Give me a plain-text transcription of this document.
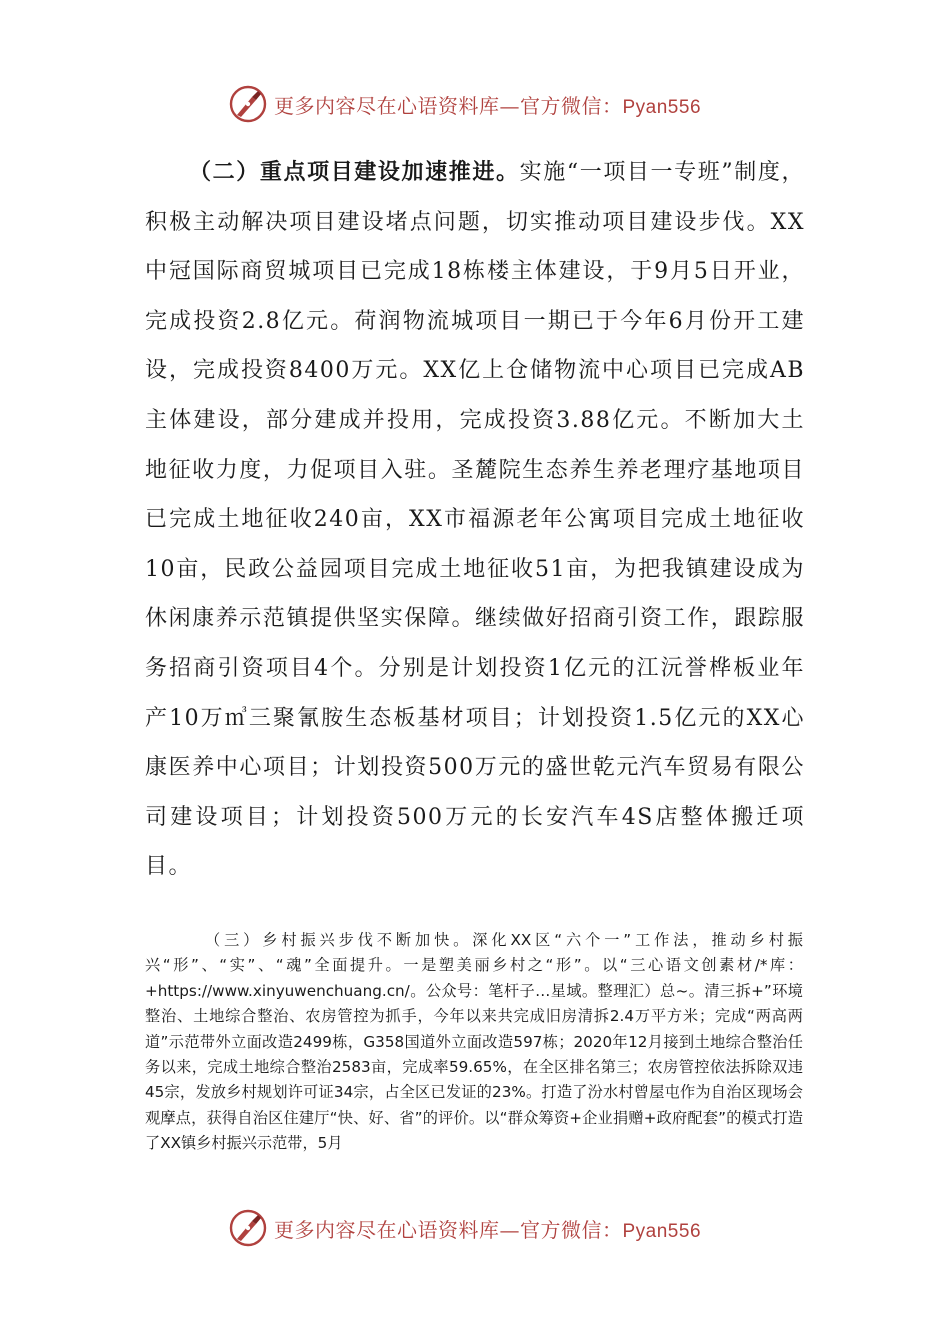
更多内容尽在心语资料库—官方微信：Pyan556

（二）重点项目建设加速推进。实施“一项目一专班”制度，积极主动解决项目建设堵点问题，切实推动项目建设步伐。XX中冠国际商贸城项目已完成18栋楼主体建设，于9月5日开业，完成投资2.8亿元。荷润物流城项目一期已于今年6月份开工建设，完成投资8400万元。XX亿上仓储物流中心项目已完成AB主体建设，部分建成并投用，完成投资3.88亿元。不断加大土地征收力度，力促项目入驻。圣麓院生态养生养老理疗基地项目已完成土地征收240亩，XX市福源老年公寓项目完成土地征收10亩，民政公益园项目完成土地征收51亩，为把我镇建设成为休闲康养示范镇提供坚实保障。继续做好招商引资工作，跟踪服务招商引资项目4个。分别是计划投资1亿元的江沅誉桦板业年产10万㎥三聚氰胺生态板基材项目；计划投资1.5亿元的XX心康医养中心项目；计划投资500万元的盛世乾元汽车贸易有限公司建设项目；计划投资500万元的长安汽车4S店整体搬迁项目。

（三）乡村振兴步伐不断加快。深化XX区“六个一”工作法，推动乡村振兴“形”、“实”、“魂”全面提升。一是塑美丽乡村之“形”。以“三心语文创素材/*库：+https://www.xinyuwenchuang.cn/。公众号：笔杆子…星域。整理汇）总~。清三拆+”环境整治、土地综合整治、农房管控为抓手，今年以来共完成旧房清拆2.4万平方米；完成“两高两道”示范带外立面改造2499栋，G358国道外立面改造597栋；2020年12月接到土地综合整治任务以来，完成土地综合整治2583亩，完成率59.65%，在全区排名第三；农房管控依法拆除双违45宗，发放乡村规划许可证34宗，占全区已发证的23%。打造了汾水村曾屋屯作为自治区现场会观摩点，获得自治区住建厅“快、好、省”的评价。以“群众筹资+企业捐赠+政府配套”的模式打造了XX镇乡村振兴示范带，5月

更多内容尽在心语资料库—官方微信：Pyan556
